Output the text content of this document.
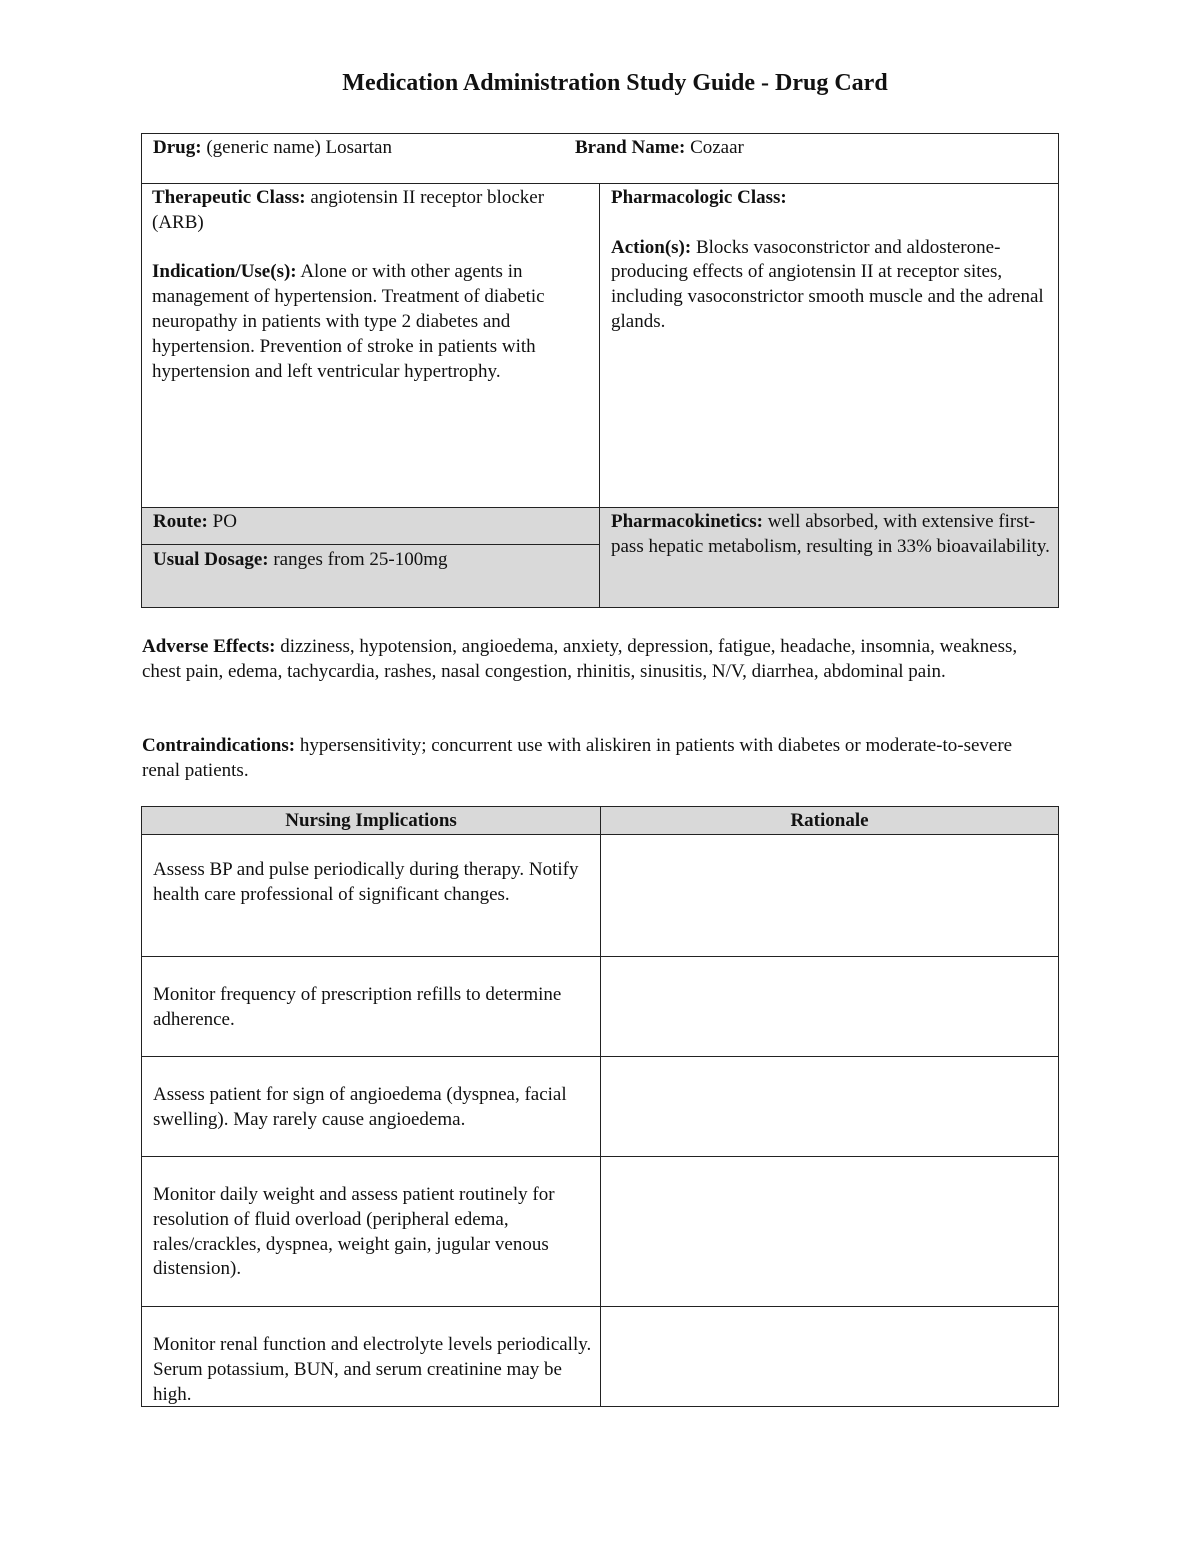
Medication Administration Study Guide - Drug Card
Drug: (generic name) Losartan	Brand Name: Cozaar
Therapeutic Class: angiotensin II receptor blocker (ARB)
Indication/Use(s): Alone or with other agents in management of hypertension. Treatment of diabetic neuropathy in patients with type 2 diabetes and hypertension. Prevention of stroke in patients with hypertension and left ventricular hypertrophy.
Pharmacologic Class:
Action(s): Blocks vasoconstrictor and aldosterone-producing effects of angiotensin II at receptor sites, including vasoconstrictor smooth muscle and the adrenal glands.
Route: PO
Usual Dosage: ranges from 25-100mg
Pharmacokinetics: well absorbed, with extensive first-pass hepatic metabolism, resulting in 33% bioavailability.
Adverse Effects: dizziness, hypotension, angioedema, anxiety, depression, fatigue, headache, insomnia, weakness, chest pain, edema, tachycardia, rashes, nasal congestion, rhinitis, sinusitis, N/V, diarrhea, abdominal pain.
Contraindications: hypersensitivity; concurrent use with aliskiren in patients with diabetes or moderate-to-severe renal patients.
Nursing Implications	Rationale
Assess BP and pulse periodically during therapy. Notify health care professional of significant changes.
Monitor frequency of prescription refills to determine adherence.
Assess patient for sign of angioedema (dyspnea, facial swelling). May rarely cause angioedema.
Monitor daily weight and assess patient routinely for resolution of fluid overload (peripheral edema, rales/crackles, dyspnea, weight gain, jugular venous distension).
Monitor renal function and electrolyte levels periodically. Serum potassium, BUN, and serum creatinine may be high.
